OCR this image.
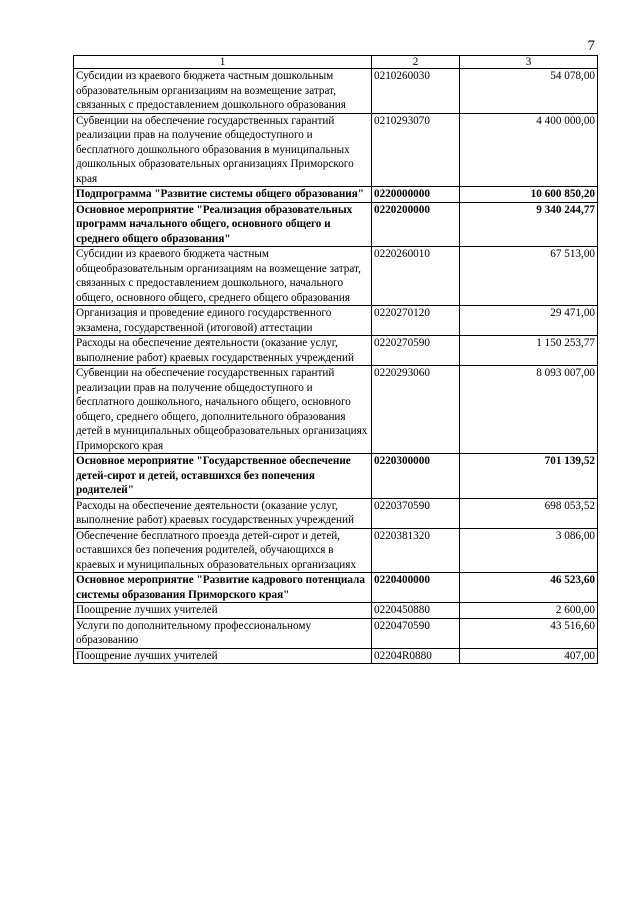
7
1	2	3
Субсидии из краевого бюджета частным дошкольным образовательным организациям на возмещение затрат, связанных с предоставлением дошкольного образования	0210260030	54 078,00
Субвенции на обеспечение государственных гарантий реализации прав на получение общедоступного и бесплатного дошкольного образования в муниципальных дошкольных образовательных организациях Приморского края	0210293070	4 400 000,00
Подпрограмма "Развитие системы общего образования"	0220000000	10 600 850,20
Основное мероприятие "Реализация образовательных программ начального общего, основного общего и среднего общего образования"	0220200000	9 340 244,77
Субсидии из краевого бюджета частным общеобразовательным организациям на возмещение затрат, связанных с предоставлением дошкольного, начального общего, основного общего, среднего общего образования	0220260010	67 513,00
Организация и проведение единого государственного экзамена, государственной (итоговой) аттестации	0220270120	29 471,00
Расходы на обеспечение деятельности (оказание услуг, выполнение работ) краевых государственных учреждений	0220270590	1 150 253,77
Субвенции на обеспечение государственных гарантий реализации прав на получение общедоступного и бесплатного дошкольного, начального общего, основного общего, среднего общего, дополнительного образования детей в муниципальных общеобразовательных организациях Приморского края	0220293060	8 093 007,00
Основное мероприятие "Государственное обеспечение детей-сирот и детей, оставшихся без попечения родителей"	0220300000	701 139,52
Расходы на обеспечение деятельности (оказание услуг, выполнение работ) краевых государственных учреждений	0220370590	698 053,52
Обеспечение бесплатного проезда детей-сирот и детей, оставшихся без попечения родителей, обучающихся в краевых и муниципальных образовательных организациях	0220381320	3 086,00
Основное мероприятие "Развитие кадрового потенциала системы образования Приморского края"	0220400000	46 523,60
Поощрение лучших учителей	0220450880	2 600,00
Услуги по дополнительному профессиональному образованию	0220470590	43 516,60
Поощрение лучших учителей	02204R0880	407,00
